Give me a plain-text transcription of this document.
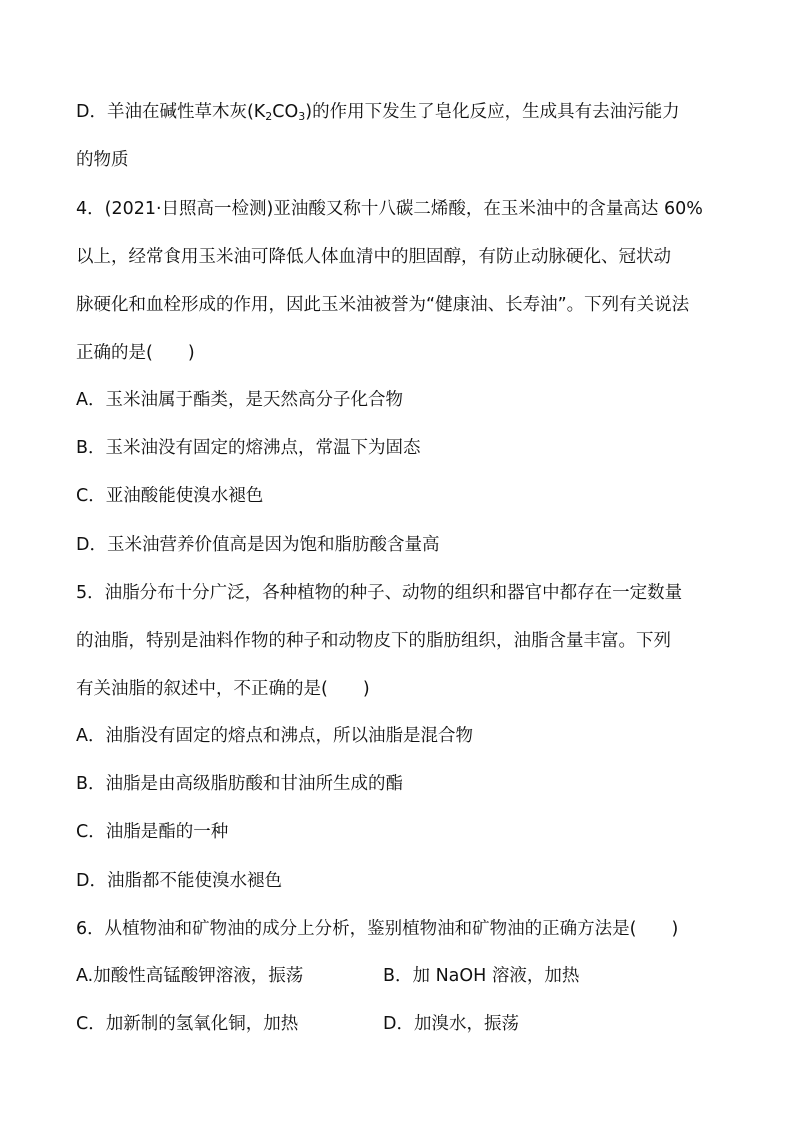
D．羊油在碱性草木灰$(K_2CO_3)$的作用下发生了皂化反应，生成具有去油污能力
的物质
4．(2021·日照高一检测)亚油酸又称十八碳二烯酸，在玉米油中的含量高达 60%
以上，经常食用玉米油可降低人体血清中的胆固醇，有防止动脉硬化、冠状动
脉硬化和血栓形成的作用，因此玉米油被誉为“健康油、长寿油”。下列有关说法
正确的是(　　)
A．玉米油属于酯类，是天然高分子化合物
B．玉米油没有固定的熔沸点，常温下为固态
C．亚油酸能使溴水褪色
D．玉米油营养价值高是因为饱和脂肪酸含量高
5．油脂分布十分广泛，各种植物的种子、动物的组织和器官中都存在一定数量
的油脂，特别是油料作物的种子和动物皮下的脂肪组织，油脂含量丰富。下列
有关油脂的叙述中，不正确的是(　　)
A．油脂没有固定的熔点和沸点，所以油脂是混合物
B．油脂是由高级脂肪酸和甘油所生成的酯
C．油脂是酯的一种
D．油脂都不能使溴水褪色
6．从植物油和矿物油的成分上分析，鉴别植物油和矿物油的正确方法是(　　)
A.加酸性高锰酸钾溶液，振荡	B．加 NaOH 溶液，加热
C．加新制的氢氧化铜，加热	D．加溴水，振荡
